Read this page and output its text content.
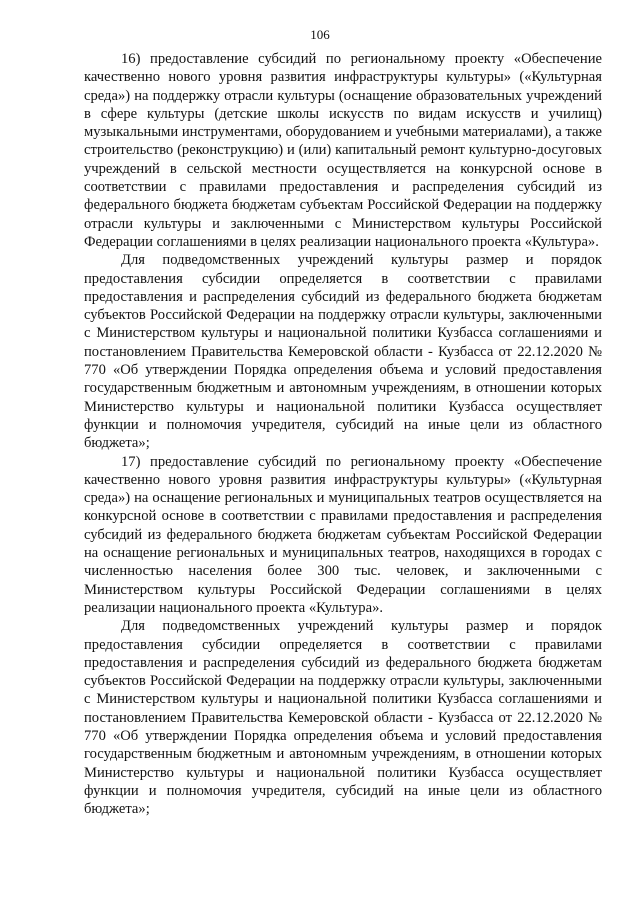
106

16) предоставление субсидий по региональному проекту «Обеспечение качественно нового уровня развития инфраструктуры культуры» («Культурная среда») на поддержку отрасли культуры (оснащение образовательных учреждений в сфере культуры (детские школы искусств по видам искусств и училищ) музыкальными инструментами, оборудованием и учебными материалами), а также строительство (реконструкцию) и (или) капитальный ремонт культурно-досуговых учреждений в сельской местности осуществляется на конкурсной основе в соответствии с правилами предоставления и распределения субсидий из федерального бюджета бюджетам субъектам Российской Федерации на поддержку отрасли культуры и заключенными с Министерством культуры Российской Федерации соглашениями в целях реализации национального проекта «Культура».

Для подведомственных учреждений культуры размер и порядок предоставления субсидии определяется в соответствии с правилами предоставления и распределения субсидий из федерального бюджета бюджетам субъектов Российской Федерации на поддержку отрасли культуры, заключенными с Министерством культуры и национальной политики Кузбасса соглашениями и постановлением Правительства Кемеровской области - Кузбасса от 22.12.2020 № 770 «Об утверждении Порядка определения объема и условий предоставления государственным бюджетным и автономным учреждениям, в отношении которых Министерство культуры и национальной политики Кузбасса осуществляет функции и полномочия учредителя, субсидий на иные цели из областного бюджета»;

17) предоставление субсидий по региональному проекту «Обеспечение качественно нового уровня развития инфраструктуры культуры» («Культурная среда») на оснащение региональных и муниципальных театров осуществляется на конкурсной основе в соответствии с правилами предоставления и распределения субсидий из федерального бюджета бюджетам субъектам Российской Федерации на оснащение региональных и муниципальных театров, находящихся в городах с численностью населения более 300 тыс. человек, и заключенными с Министерством культуры Российской Федерации соглашениями в целях реализации национального проекта «Культура».

Для подведомственных учреждений культуры размер и порядок предоставления субсидии определяется в соответствии с правилами предоставления и распределения субсидий из федерального бюджета бюджетам субъектов Российской Федерации на поддержку отрасли культуры, заключенными с Министерством культуры и национальной политики Кузбасса соглашениями и постановлением Правительства Кемеровской области - Кузбасса от 22.12.2020 № 770 «Об утверждении Порядка определения объема и условий предоставления государственным бюджетным и автономным учреждениям, в отношении которых Министерство культуры и национальной политики Кузбасса осуществляет функции и полномочия учредителя, субсидий на иные цели из областного бюджета»;
